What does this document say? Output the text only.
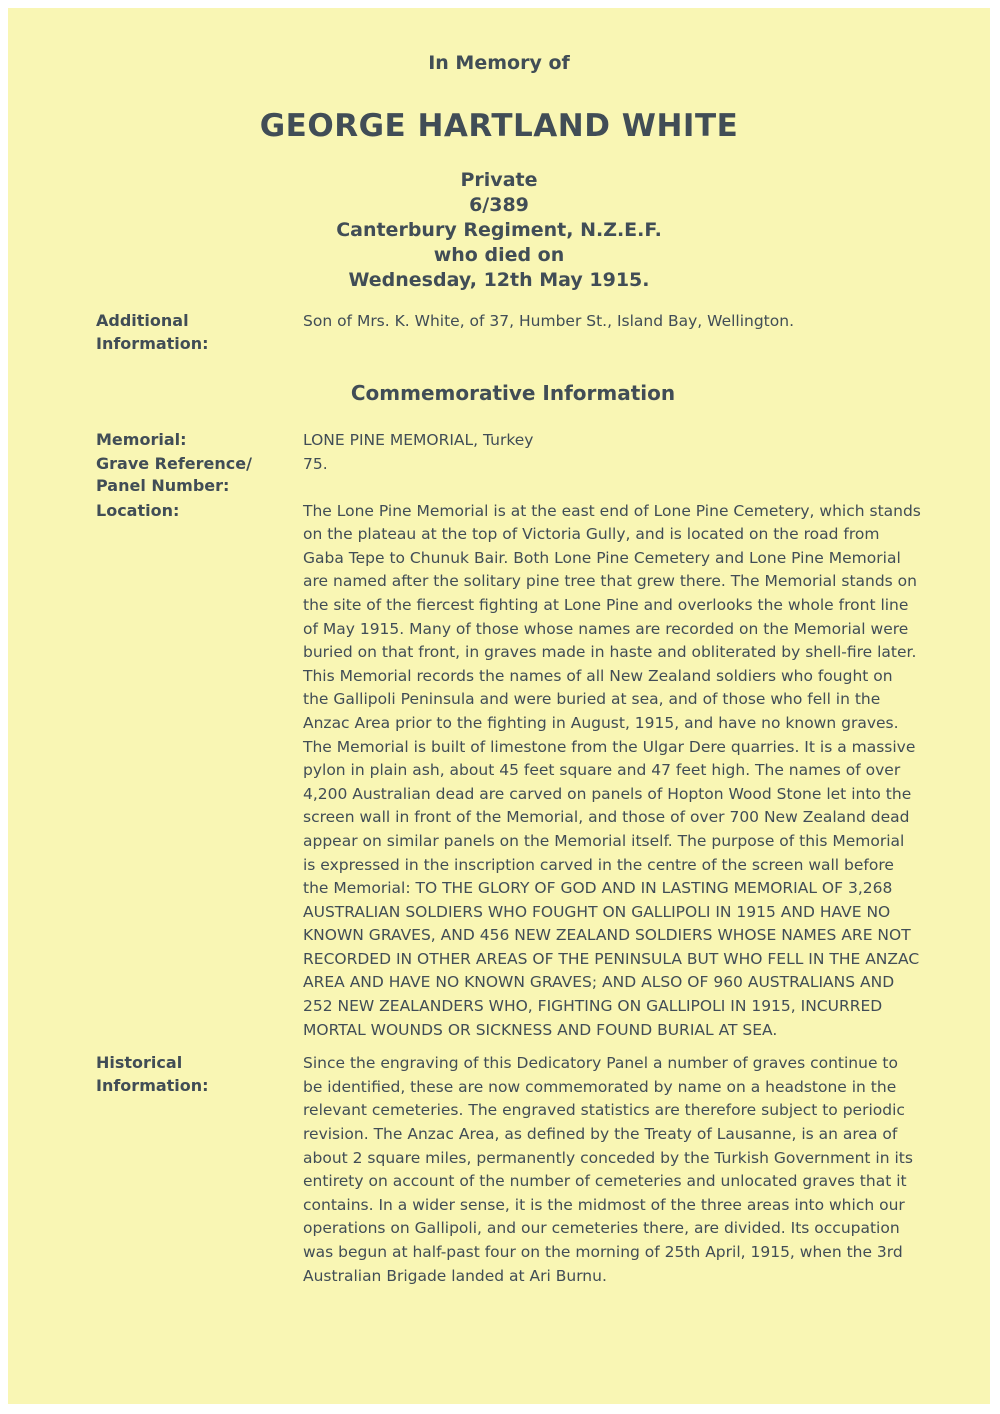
In Memory of
GEORGE HARTLAND WHITE
Private
6/389
Canterbury Regiment, N.Z.E.F.
who died on
Wednesday, 12th May 1915.
Additional Information:
Son of Mrs. K. White, of 37, Humber St., Island Bay, Wellington.
Commemorative Information
Memorial:	LONE PINE MEMORIAL, Turkey
Grave Reference/ Panel Number:
75.
Location:	The Lone Pine Memorial is at the east end of Lone Pine Cemetery, which stands on the plateau at the top of Victoria Gully, and is located on the road from Gaba Tepe to Chunuk Bair. Both Lone Pine Cemetery and Lone Pine Memorial are named after the solitary pine tree that grew there. The Memorial stands on the site of the fiercest fighting at Lone Pine and overlooks the whole front line of May 1915. Many of those whose names are recorded on the Memorial were buried on that front, in graves made in haste and obliterated by shell-fire later. This Memorial records the names of all New Zealand soldiers who fought on the Gallipoli Peninsula and were buried at sea, and of those who fell in the Anzac Area prior to the fighting in August, 1915, and have no known graves. The Memorial is built of limestone from the Ulgar Dere quarries. It is a massive pylon in plain ash, about 45 feet square and 47 feet high. The names of over 4,200 Australian dead are carved on panels of Hopton Wood Stone let into the screen wall in front of the Memorial, and those of over 700 New Zealand dead appear on similar panels on the Memorial itself. The purpose of this Memorial is expressed in the inscription carved in the centre of the screen wall before the Memorial: TO THE GLORY OF GOD AND IN LASTING MEMORIAL OF 3,268 AUSTRALIAN SOLDIERS WHO FOUGHT ON GALLIPOLI IN 1915 AND HAVE NO KNOWN GRAVES, AND 456 NEW ZEALAND SOLDIERS WHOSE NAMES ARE NOT RECORDED IN OTHER AREAS OF THE PENINSULA BUT WHO FELL IN THE ANZAC AREA AND HAVE NO KNOWN GRAVES; AND ALSO OF 960 AUSTRALIANS AND 252 NEW ZEALANDERS WHO, FIGHTING ON GALLIPOLI IN 1915, INCURRED MORTAL WOUNDS OR SICKNESS AND FOUND BURIAL AT SEA.
Historical Information:
Since the engraving of this Dedicatory Panel a number of graves continue to be identified, these are now commemorated by name on a headstone in the relevant cemeteries. The engraved statistics are therefore subject to periodic revision. The Anzac Area, as defined by the Treaty of Lausanne, is an area of about 2 square miles, permanently conceded by the Turkish Government in its entirety on account of the number of cemeteries and unlocated graves that it contains. In a wider sense, it is the midmost of the three areas into which our operations on Gallipoli, and our cemeteries there, are divided. Its occupation was begun at half-past four on the morning of 25th April, 1915, when the 3rd Australian Brigade landed at Ari Burnu.
